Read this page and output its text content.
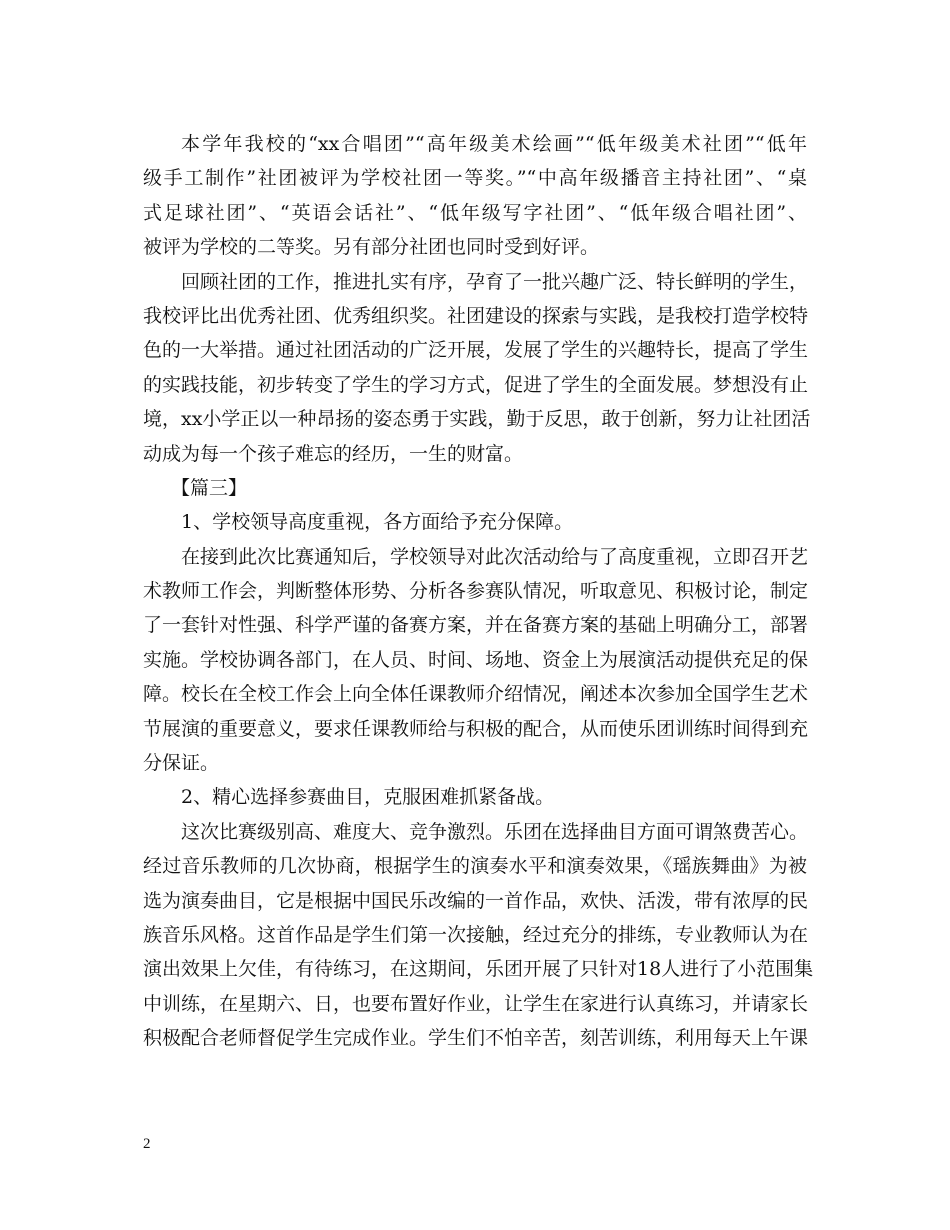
本学年我校的“xx合唱团”“高年级美术绘画”“低年级美术社团”“低年
级手工制作”社团被评为学校社团一等奖。”“中高年级播音主持社团”、“桌
式足球社团”、“英语会话社”、“低年级写字社团”、“低年级合唱社团”、
被评为学校的二等奖。另有部分社团也同时受到好评。
回顾社团的工作，推进扎实有序，孕育了一批兴趣广泛、特长鲜明的学生，
我校评比出优秀社团、优秀组织奖。社团建设的探索与实践，是我校打造学校特
色的一大举措。通过社团活动的广泛开展，发展了学生的兴趣特长，提高了学生
的实践技能，初步转变了学生的学习方式，促进了学生的全面发展。梦想没有止
境，xx小学正以一种昂扬的姿态勇于实践，勤于反思，敢于创新，努力让社团活
动成为每一个孩子难忘的经历，一生的财富。
【篇三】
1、学校领导高度重视，各方面给予充分保障。
在接到此次比赛通知后，学校领导对此次活动给与了高度重视，立即召开艺
术教师工作会，判断整体形势、分析各参赛队情况，听取意见、积极讨论，制定
了一套针对性强、科学严谨的备赛方案，并在备赛方案的基础上明确分工，部署
实施。学校协调各部门，在人员、时间、场地、资金上为展演活动提供充足的保
障。校长在全校工作会上向全体任课教师介绍情况，阐述本次参加全国学生艺术
节展演的重要意义，要求任课教师给与积极的配合，从而使乐团训练时间得到充
分保证。
2、精心选择参赛曲目，克服困难抓紧备战。
这次比赛级别高、难度大、竞争激烈。乐团在选择曲目方面可谓煞费苦心。
经过音乐教师的几次协商，根据学生的演奏水平和演奏效果，《瑶族舞曲》为被
选为演奏曲目，它是根据中国民乐改编的一首作品，欢快、活泼，带有浓厚的民
族音乐风格。这首作品是学生们第一次接触，经过充分的排练，专业教师认为在
演出效果上欠佳，有待练习，在这期间，乐团开展了只针对18人进行了小范围集
中训练，在星期六、日，也要布置好作业，让学生在家进行认真练习，并请家长
积极配合老师督促学生完成作业。学生们不怕辛苦，刻苦训练，利用每天上午课
2
